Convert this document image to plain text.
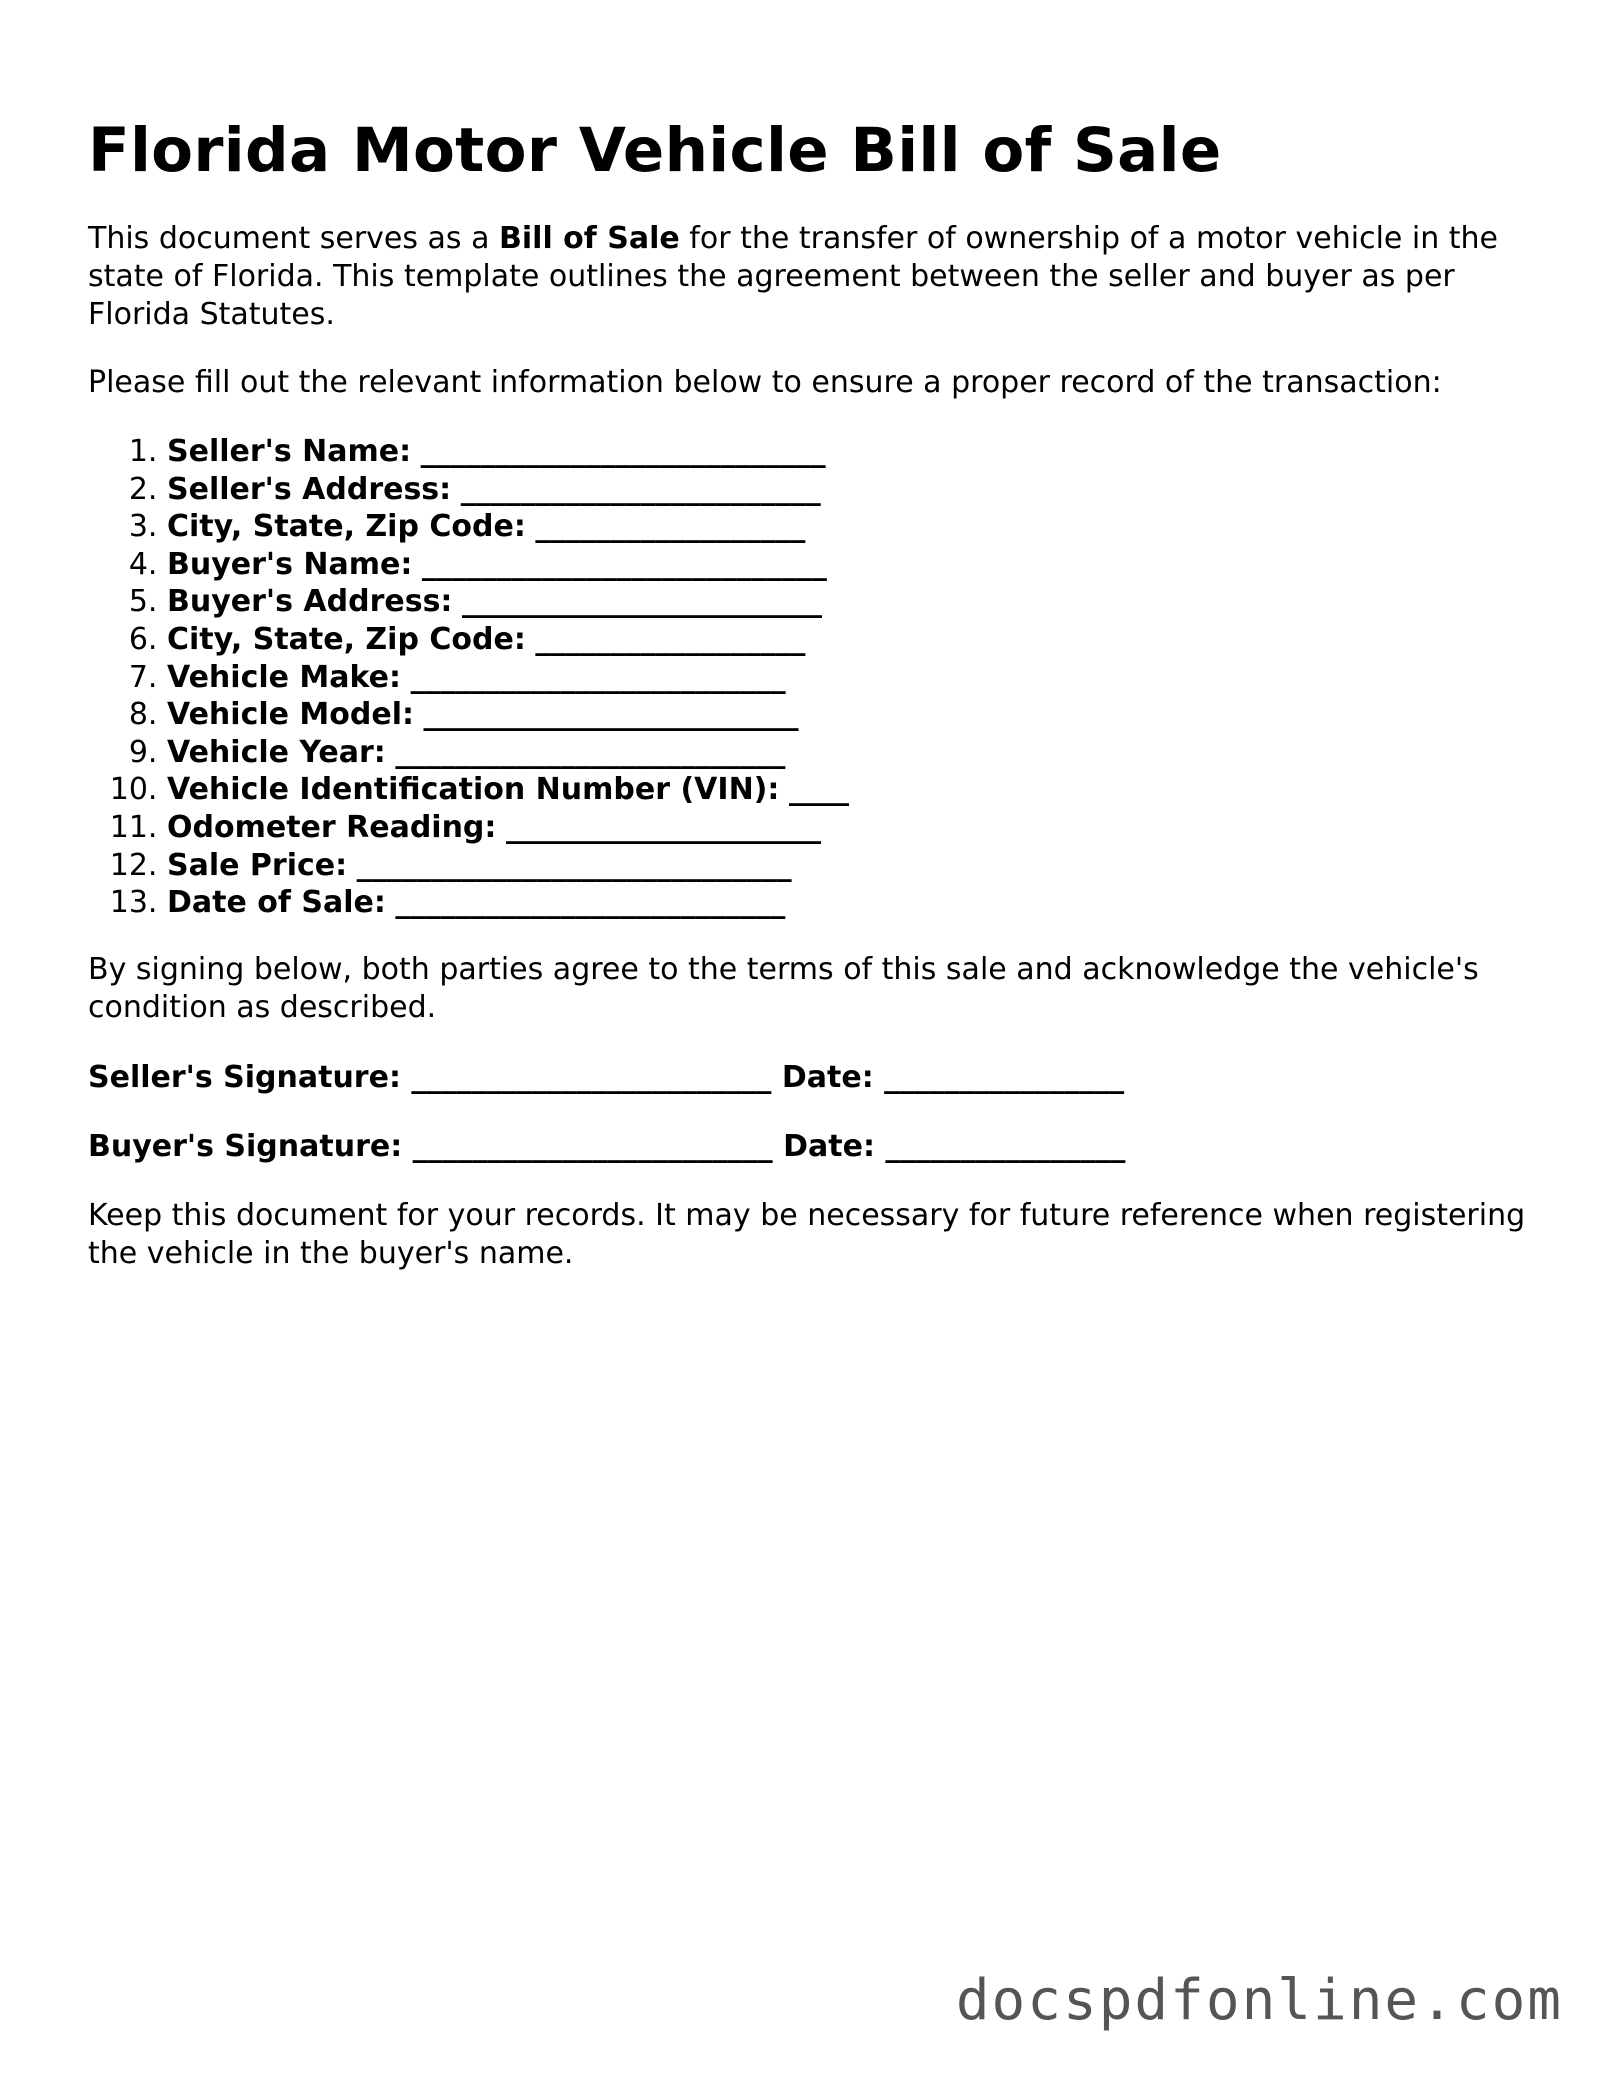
Florida Motor Vehicle Bill of Sale

This document serves as a Bill of Sale for the transfer of ownership of a motor vehicle in the state of Florida. This template outlines the agreement between the seller and buyer as per Florida Statutes.

Please fill out the relevant information below to ensure a proper record of the transaction:

1. Seller's Name: ___________________________
2. Seller's Address: ________________________
3. City, State, Zip Code: __________________
4. Buyer's Name: ___________________________
5. Buyer's Address: ________________________
6. City, State, Zip Code: __________________
7. Vehicle Make: _________________________
8. Vehicle Model: _________________________
9. Vehicle Year: __________________________
10. Vehicle Identification Number (VIN): ____
11. Odometer Reading: _____________________
12. Sale Price: _____________________________
13. Date of Sale: __________________________

By signing below, both parties agree to the terms of this sale and acknowledge the vehicle's condition as described.

Seller's Signature: ________________________ Date: ________________

Buyer's Signature: ________________________ Date: ________________

Keep this document for your records. It may be necessary for future reference when registering the vehicle in the buyer's name.

docspdfonline.com
